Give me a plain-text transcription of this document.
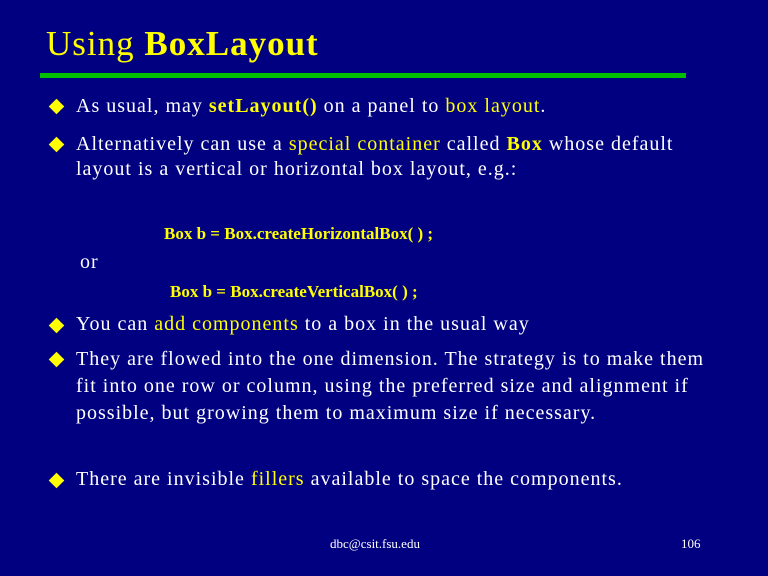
Using BoxLayout
As usual, may setLayout() on a panel to box layout.
Alternatively can use a special container called Box whose default layout is a vertical or horizontal box layout, e.g.:
Box b = Box.createHorizontalBox( ) ;
or
Box b = Box.createVerticalBox( ) ;
You can add components to a box in the usual way
They are flowed into the one dimension. The strategy is to make them fit into one row or column, using the preferred size and alignment if possible, but growing them to maximum size if necessary.
There are invisible fillers available to space the components.
dbc@csit.fsu.edu	106
